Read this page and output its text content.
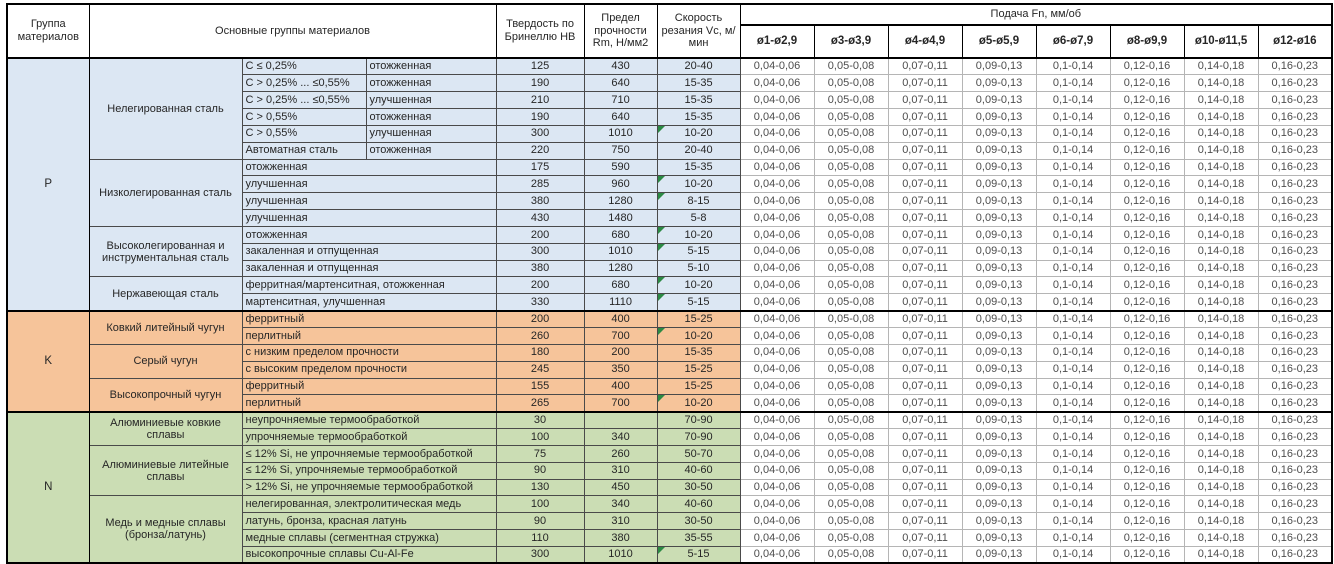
Группа материалов	Основные группы материалов			Твердость по Бринеллю НВ	Предел прочности Rm, Н/мм2	Скорость резания Vc, м/мин	Подача Fn, мм/об							
							ø1-ø2,9	ø3-ø3,9	ø4-ø4,9	ø5-ø5,9	ø6-ø7,9	ø8-ø9,9	ø10-ø11,5	ø12-ø16
P	Нелегированная сталь	C ≤ 0,25%	отожженная	125	430	20-40	0,04-0,06	0,05-0,08	0,07-0,11	0,09-0,13	0,1-0,14	0,12-0,16	0,14-0,18	0,16-0,23
		C > 0,25% ... ≤0,55%	отожженная	190	640	15-35	0,04-0,06	0,05-0,08	0,07-0,11	0,09-0,13	0,1-0,14	0,12-0,16	0,14-0,18	0,16-0,23
		C > 0,25% ... ≤0,55%	улучшенная	210	710	15-35	0,04-0,06	0,05-0,08	0,07-0,11	0,09-0,13	0,1-0,14	0,12-0,16	0,14-0,18	0,16-0,23
		C > 0,55%	отожженная	190	640	15-35	0,04-0,06	0,05-0,08	0,07-0,11	0,09-0,13	0,1-0,14	0,12-0,16	0,14-0,18	0,16-0,23
		C > 0,55%	улучшенная	300	1010	10-20	0,04-0,06	0,05-0,08	0,07-0,11	0,09-0,13	0,1-0,14	0,12-0,16	0,14-0,18	0,16-0,23
		Автоматная сталь	отожженная	220	750	20-40	0,04-0,06	0,05-0,08	0,07-0,11	0,09-0,13	0,1-0,14	0,12-0,16	0,14-0,18	0,16-0,23
	Низколегированная сталь	отожженная		175	590	15-35	0,04-0,06	0,05-0,08	0,07-0,11	0,09-0,13	0,1-0,14	0,12-0,16	0,14-0,18	0,16-0,23
		улучшенная		285	960	10-20	0,04-0,06	0,05-0,08	0,07-0,11	0,09-0,13	0,1-0,14	0,12-0,16	0,14-0,18	0,16-0,23
		улучшенная		380	1280	8-15	0,04-0,06	0,05-0,08	0,07-0,11	0,09-0,13	0,1-0,14	0,12-0,16	0,14-0,18	0,16-0,23
		улучшенная		430	1480	5-8	0,04-0,06	0,05-0,08	0,07-0,11	0,09-0,13	0,1-0,14	0,12-0,16	0,14-0,18	0,16-0,23
	Высоколегированная и инструментальная сталь	отожженная		200	680	10-20	0,04-0,06	0,05-0,08	0,07-0,11	0,09-0,13	0,1-0,14	0,12-0,16	0,14-0,18	0,16-0,23
		закаленная и отпущенная		300	1010	5-15	0,04-0,06	0,05-0,08	0,07-0,11	0,09-0,13	0,1-0,14	0,12-0,16	0,14-0,18	0,16-0,23
		закаленная и отпущенная		380	1280	5-10	0,04-0,06	0,05-0,08	0,07-0,11	0,09-0,13	0,1-0,14	0,12-0,16	0,14-0,18	0,16-0,23
	Нержавеющая сталь	ферритная/мартенситная, отожженная		200	680	10-20	0,04-0,06	0,05-0,08	0,07-0,11	0,09-0,13	0,1-0,14	0,12-0,16	0,14-0,18	0,16-0,23
		мартенситная, улучшенная		330	1110	5-15	0,04-0,06	0,05-0,08	0,07-0,11	0,09-0,13	0,1-0,14	0,12-0,16	0,14-0,18	0,16-0,23
K	Ковкий литейный чугун	ферритный		200	400	15-25	0,04-0,06	0,05-0,08	0,07-0,11	0,09-0,13	0,1-0,14	0,12-0,16	0,14-0,18	0,16-0,23
		перлитный		260	700	10-20	0,04-0,06	0,05-0,08	0,07-0,11	0,09-0,13	0,1-0,14	0,12-0,16	0,14-0,18	0,16-0,23
	Серый чугун	с низким пределом прочности		180	200	15-35	0,04-0,06	0,05-0,08	0,07-0,11	0,09-0,13	0,1-0,14	0,12-0,16	0,14-0,18	0,16-0,23
		с высоким пределом прочности		245	350	15-25	0,04-0,06	0,05-0,08	0,07-0,11	0,09-0,13	0,1-0,14	0,12-0,16	0,14-0,18	0,16-0,23
	Высокопрочный чугун	ферритный		155	400	15-25	0,04-0,06	0,05-0,08	0,07-0,11	0,09-0,13	0,1-0,14	0,12-0,16	0,14-0,18	0,16-0,23
		перлитный		265	700	10-20	0,04-0,06	0,05-0,08	0,07-0,11	0,09-0,13	0,1-0,14	0,12-0,16	0,14-0,18	0,16-0,23
N	Алюминиевые ковкие сплавы	неупрочняемые термообработкой		30		70-90	0,04-0,06	0,05-0,08	0,07-0,11	0,09-0,13	0,1-0,14	0,12-0,16	0,14-0,18	0,16-0,23
		упрочняемые термообработкой		100	340	70-90	0,04-0,06	0,05-0,08	0,07-0,11	0,09-0,13	0,1-0,14	0,12-0,16	0,14-0,18	0,16-0,23
	Алюминиевые литейные сплавы	≤ 12% Si, не упрочняемые термообработкой		75	260	50-70	0,04-0,06	0,05-0,08	0,07-0,11	0,09-0,13	0,1-0,14	0,12-0,16	0,14-0,18	0,16-0,23
		≤ 12% Si, упрочняемые термообработкой		90	310	40-60	0,04-0,06	0,05-0,08	0,07-0,11	0,09-0,13	0,1-0,14	0,12-0,16	0,14-0,18	0,16-0,23
		> 12% Si, не упрочняемые термообработкой		130	450	30-50	0,04-0,06	0,05-0,08	0,07-0,11	0,09-0,13	0,1-0,14	0,12-0,16	0,14-0,18	0,16-0,23
	Медь и медные сплавы (бронза/латунь)	нелегированная, электролитическая медь		100	340	40-60	0,04-0,06	0,05-0,08	0,07-0,11	0,09-0,13	0,1-0,14	0,12-0,16	0,14-0,18	0,16-0,23
		латунь, бронза, красная латунь		90	310	30-50	0,04-0,06	0,05-0,08	0,07-0,11	0,09-0,13	0,1-0,14	0,12-0,16	0,14-0,18	0,16-0,23
		медные сплавы (сегментная стружка)		110	380	35-55	0,04-0,06	0,05-0,08	0,07-0,11	0,09-0,13	0,1-0,14	0,12-0,16	0,14-0,18	0,16-0,23
		высокопрочные сплавы Cu-Al-Fe		300	1010	5-15	0,04-0,06	0,05-0,08	0,07-0,11	0,09-0,13	0,1-0,14	0,12-0,16	0,14-0,18	0,16-0,23
